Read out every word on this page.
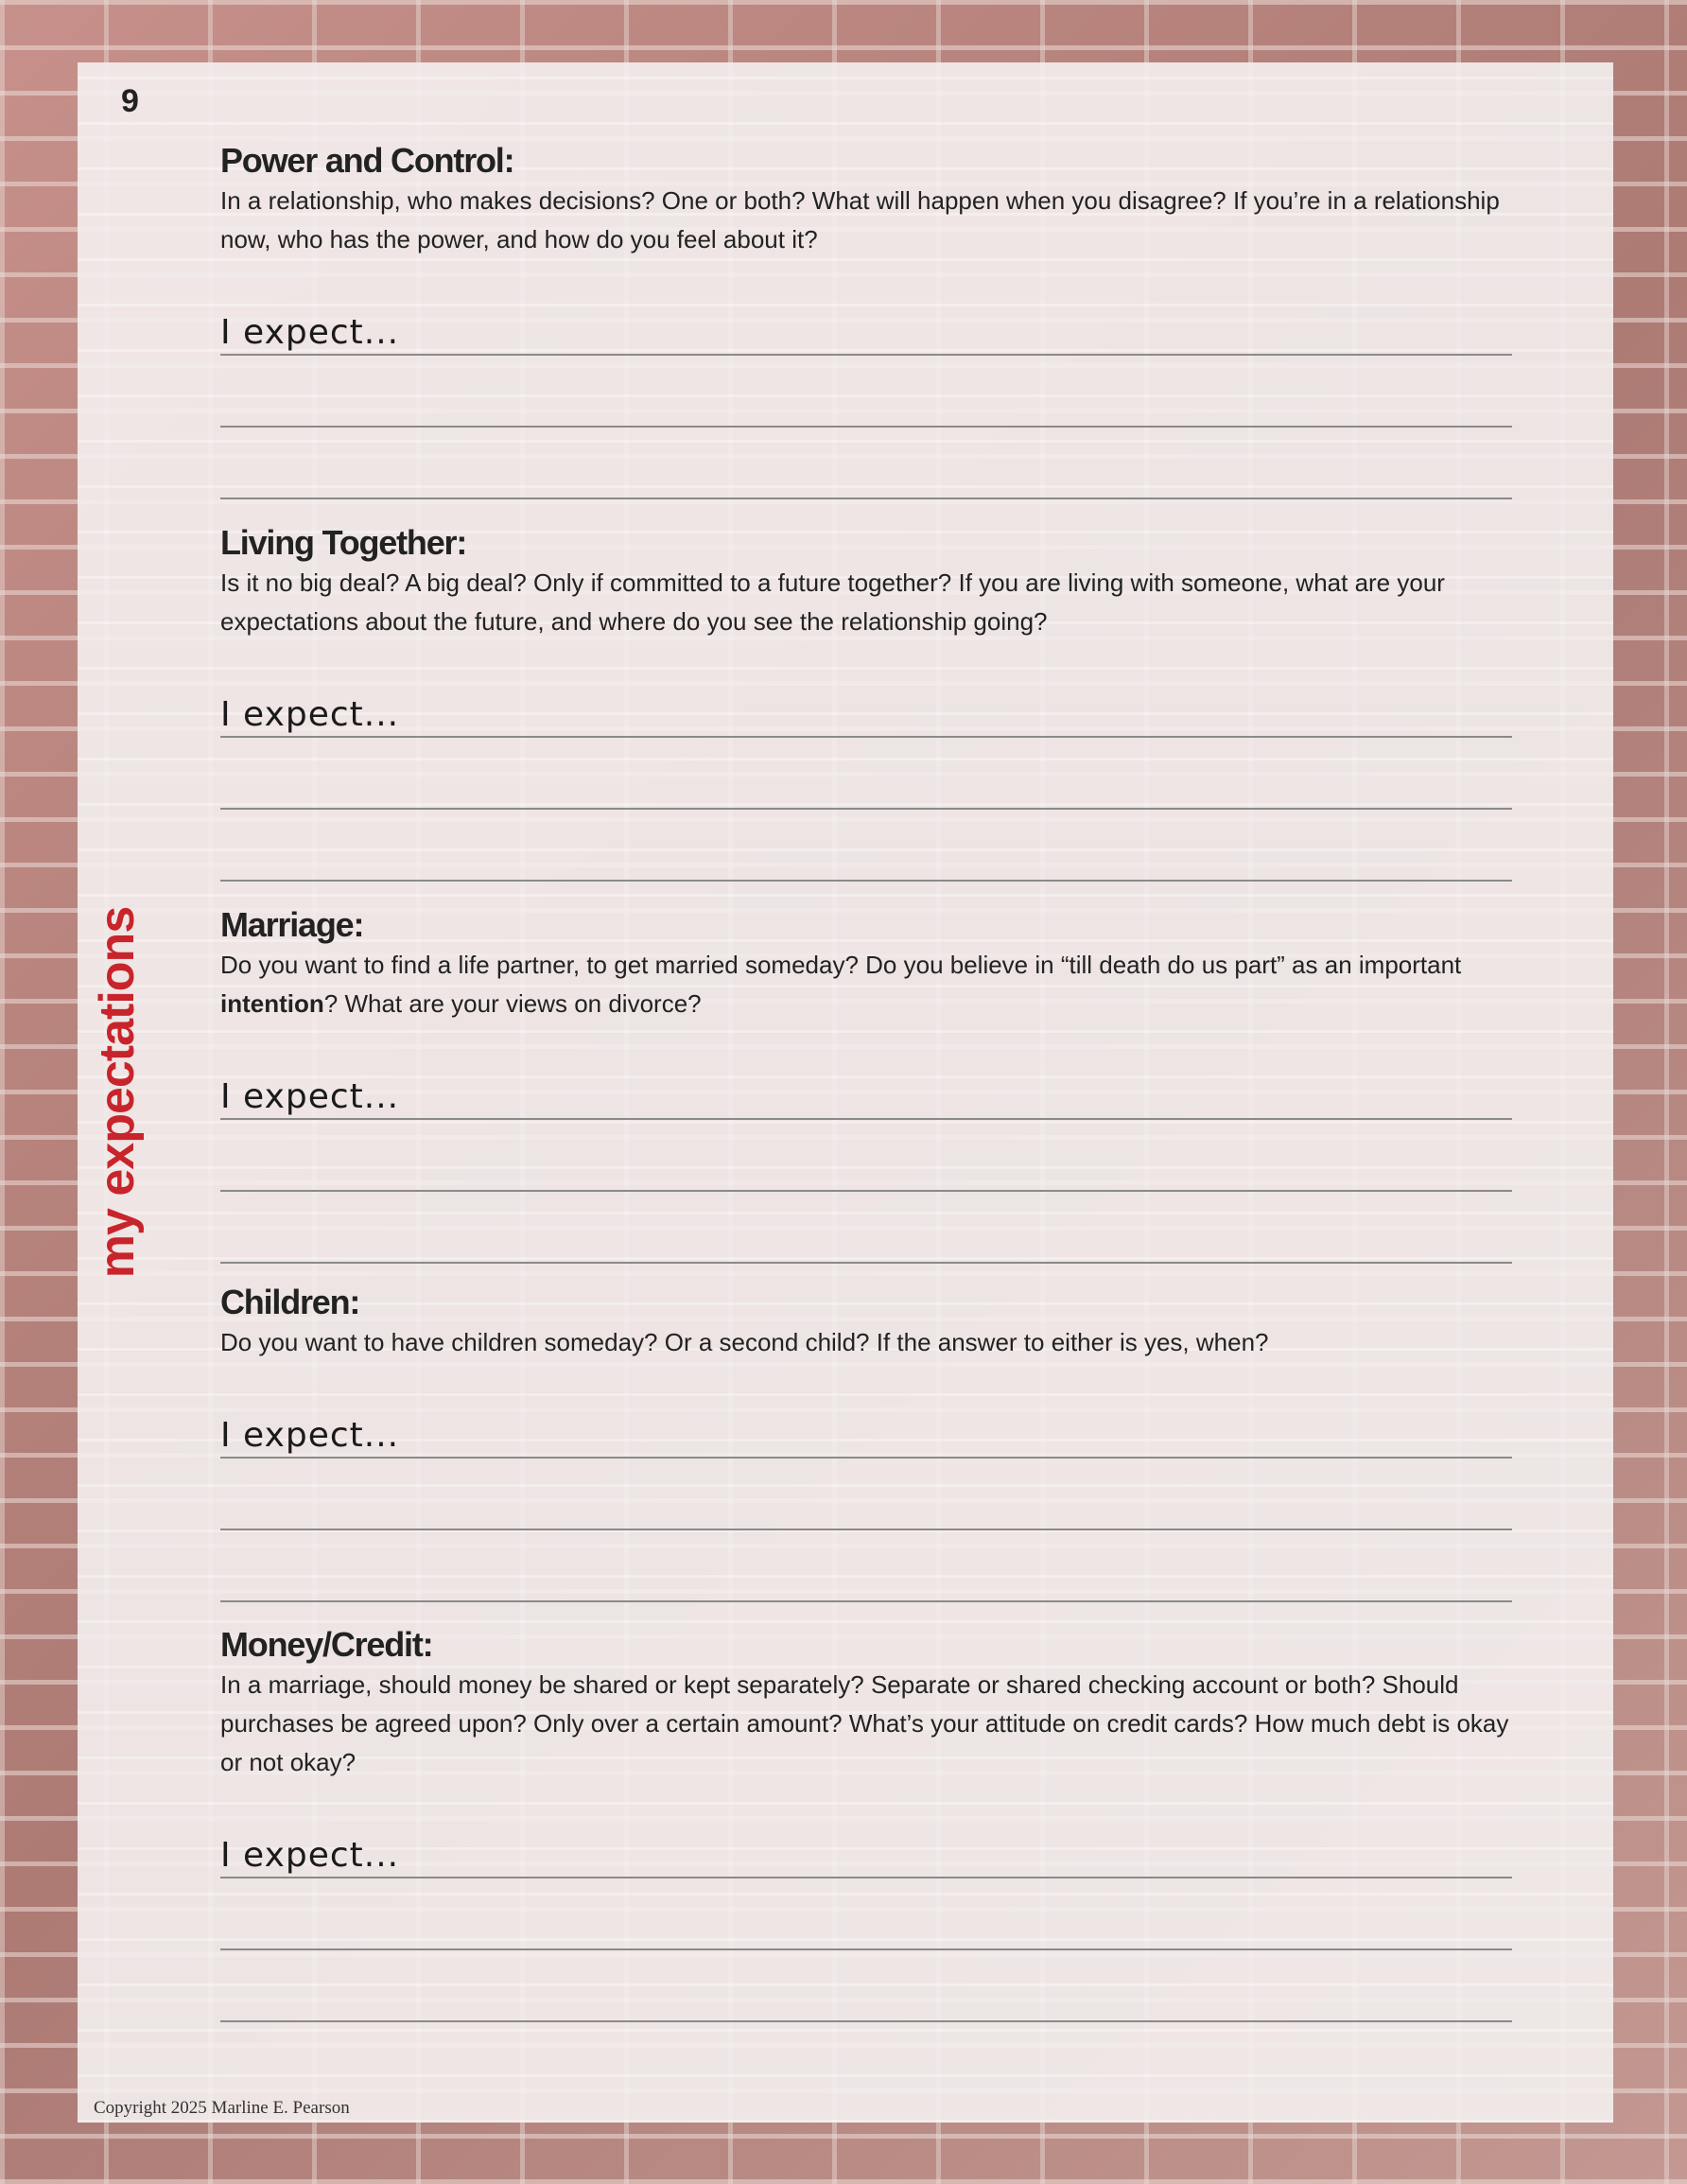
9
my expectations
Power and Control:

In a relationship, who makes decisions? One or both? What will happen when you disagree? If you’re in a relationship now, who has the power, and how do you feel about it?

I expect...
Living Together:

Is it no big deal? A big deal? Only if committed to a future together? If you are living with someone, what are your expectations about the future, and where do you see the relationship going?

I expect...
Marriage:

Do you want to find a life partner, to get married someday? Do you believe in “till death do us part” as an important intention? What are your views on divorce?

I expect...
Children:

Do you want to have children someday? Or a second child? If the answer to either is yes, when?

I expect...
Money/Credit:

In a marriage, should money be shared or kept separately? Separate or shared checking account or both? Should purchases be agreed upon? Only over a certain amount? What’s your attitude on credit cards? How much debt is okay or not okay?

I expect...
Copyright 2025 Marline E. Pearson
